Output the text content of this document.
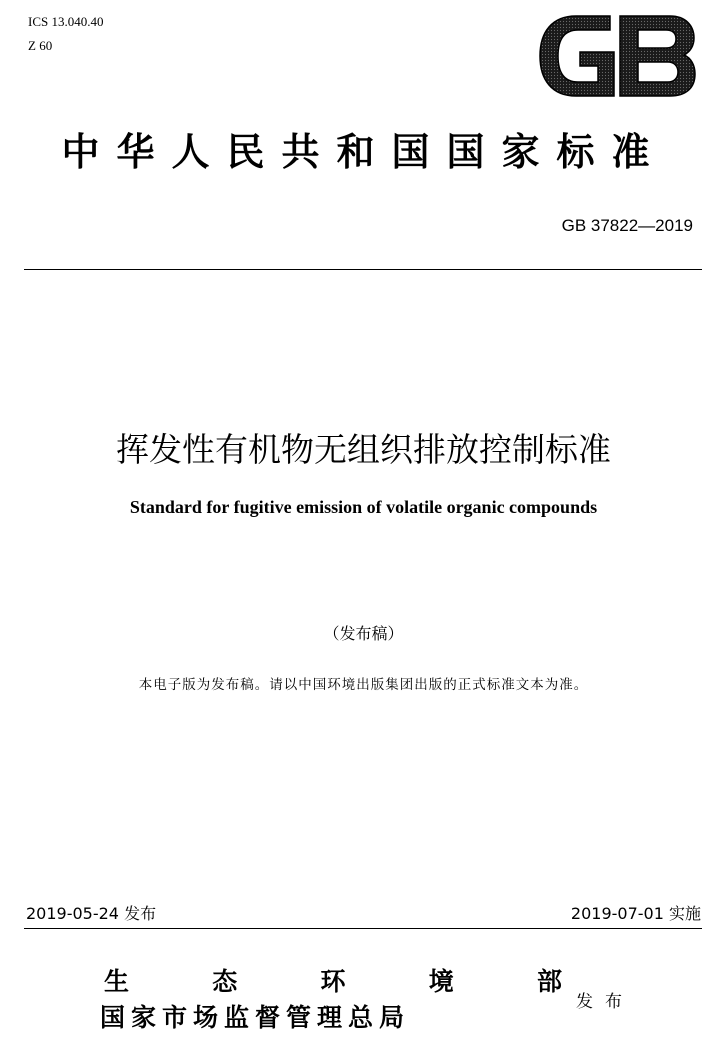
ICS 13.040.40
Z 60
GB
中华人民共和国国家标准
GB 37822—2019
挥发性有机物无组织排放控制标准
Standard for fugitive emission of volatile organic compounds
（发布稿）
本电子版为发布稿。请以中国环境出版集团出版的正式标准文本为准。
2019-05-24 发布	2019-07-01 实施
生	态	环	境	部
国家市场监督管理总局
发布
